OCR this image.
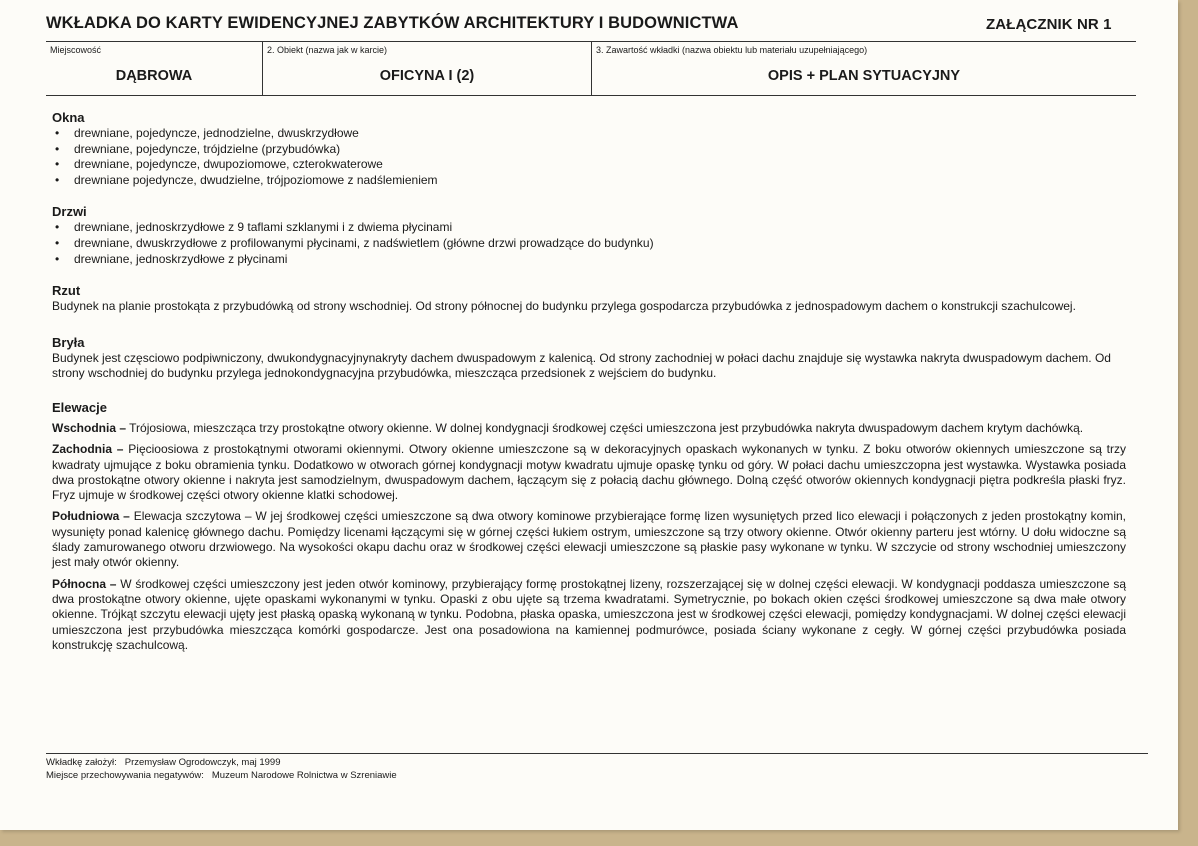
WKŁADKA DO KARTY EWIDENCYJNEJ ZABYTKÓW ARCHITEKTURY I BUDOWNICTWA	ZAŁĄCZNIK NR 1
Miejscowość
DĄBROWA
2. Obiekt (nazwa jak w karcie)
OFICYNA I (2)
3. Zawartość wkładki (nazwa obiektu lub materiału uzupełniającego)
OPIS + PLAN SYTUACYJNY
Okna
• drewniane, pojedyncze, jednodzielne, dwuskrzydłowe
• drewniane, pojedyncze, trójdzielne (przybudówka)
• drewniane, pojedyncze, dwupoziomowe, czterokwaterowe
• drewniane pojedyncze, dwudzielne, trójpoziomowe z nadślemieniem
Drzwi
• drewniane, jednoskrzydłowe z 9 taflami szklanymi i z dwiema płycinami
• drewniane, dwuskrzydłowe z profilowanymi płycinami, z nadświetlem (główne drzwi prowadzące do budynku)
• drewniane, jednoskrzydłowe z płycinami
Rzut

Budynek na planie prostokąta z przybudówką od strony wschodniej. Od strony północnej do budynku przylega gospodarcza przybudówka z jednospadowym dachem o konstrukcji szachulcowej.

Bryła

Budynek jest częsciowo podpiwniczony, dwukondygnacyjnynakryty dachem dwuspadowym z kalenicą. Od strony zachodniej w połaci dachu znajduje się wystawka nakryta dwuspadowym dachem. Od strony wschodniej do budynku przylega jednokondygnacyjna przybudówka, mieszcząca przedsionek z wejściem do budynku.

Elewacje

Wschodnia – Trójosiowa, mieszcząca trzy prostokątne otwory okienne. W dolnej kondygnacji środkowej części umieszczona jest przybudówka nakryta dwuspadowym dachem krytym dachówką.

Zachodnia – Pięcioosiowa z prostokątnymi otworami okiennymi. Otwory okienne umieszczone są w dekoracyjnych opaskach wykonanych w tynku. Z boku otworów okiennych umieszczone są trzy kwadraty ujmujące z boku obramienia tynku. Dodatkowo w otworach górnej kondygnacji motyw kwadratu ujmuje opaskę tynku od góry. W połaci dachu umieszczopna jest wystawka. Wystawka posiada dwa prostokątne otwory okienne i nakryta jest samodzielnym, dwuspadowym dachem, łączącym się z połacią dachu głównego. Dolną część otworów okiennych kondygnacji piętra podkreśla płaski fryz. Fryz ujmuje w środkowej części otwory okienne klatki schodowej.

Południowa – Elewacja szczytowa – W jej środkowej części umieszczone są dwa otwory kominowe przybierające formę lizen wysuniętych przed lico elewacji i połączonych z jeden prostokątny komin, wysunięty ponad kalenicę głównego dachu. Pomiędzy licenami łączącymi się w górnej części łukiem ostrym, umieszczone są trzy otwory okienne. Otwór okienny parteru jest wtórny. U dołu widoczne są ślady zamurowanego otworu drzwiowego. Na wysokości okapu dachu oraz w środkowej części elewacji umieszczone są płaskie pasy wykonane w tynku. W szczycie od strony wschodniej umieszczony jest mały otwór okienny.

Północna – W środkowej części umieszczony jest jeden otwór kominowy, przybierający formę prostokątnej lizeny, rozszerzającej się w dolnej części elewacji. W kondygnacji poddasza umieszczone są dwa prostokątne otwory okienne, ujęte opaskami wykonanymi w tynku. Opaski z obu ujęte są trzema kwadratami. Symetrycznie, po bokach okien części środkowej umieszczone są dwa małe otwory okienne. Trójkąt szczytu elewacji ujęty jest płaską opaską wykonaną w tynku. Podobna, płaska opaska, umieszczona jest w środkowej części elewacji, pomiędzy kondygnacjami. W dolnej części elewacji umieszczona jest przybudówka mieszcząca komórki gospodarcze. Jest ona posadowiona na kamiennej podmurówce, posiada ściany wykonane z cegły. W górnej części przybudówka posiada konstrukcję szachulcową.

Wkładkę założył: Przemysław Ogrodowczyk, maj 1999
Miejsce przechowywania negatywów: Muzeum Narodowe Rolnictwa w Szreniawie
